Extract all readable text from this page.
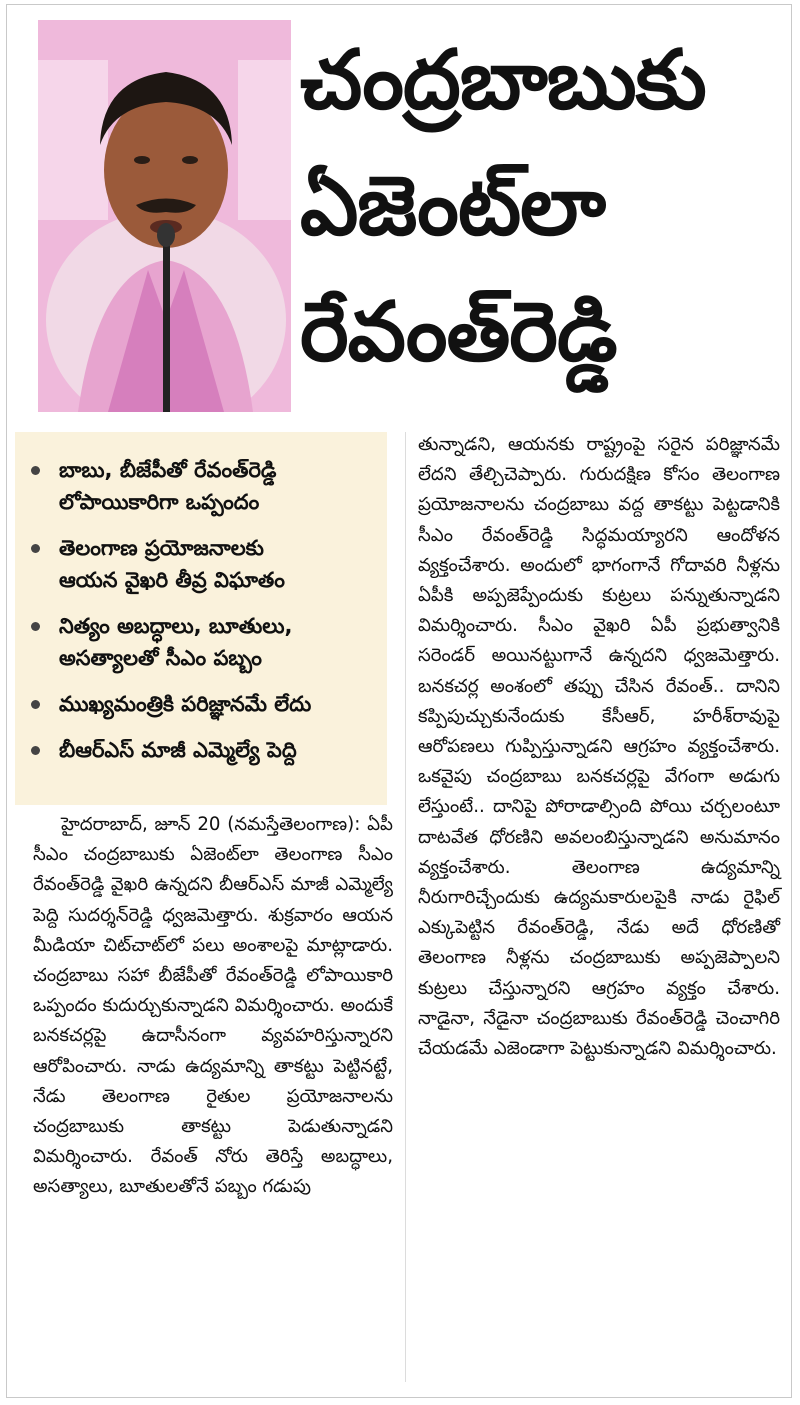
చంద్రబాబుకు
ఏజెంట్‌లా
రేవంత్‌రెడ్డి
బాబు, బీజేపీతో రేవంత్‌రెడ్డి
లోపాయికారిగా ఒప్పందం
తెలంగాణ ప్రయోజనాలకు
ఆయన వైఖరి తీవ్ర విఘాతం
నిత్యం అబద్ధాలు, బూతులు,
అసత్యాలతో సీఎం పబ్బం
ముఖ్యమంత్రికి పరిజ్ఞానమే లేదు
బీఆర్‌ఎస్ మాజీ ఎమ్మెల్యే పెద్ది

హైదరాబాద్, జూన్ 20 (నమస్తేతెలంగాణ): ఏపీ సీఎం చంద్రబాబుకు ఏజెంట్‌లా తెలంగాణ సీఎం రేవంత్‌రెడ్డి వైఖరి ఉన్నదని బీఆర్‌ఎస్ మాజీ ఎమ్మెల్యే పెద్ది సుదర్శన్‌రెడ్డి ధ్వజమెత్తారు. శుక్రవారం ఆయన మీడియా చిట్‌చాట్‌లో పలు అంశాలపై మాట్లాడారు. చంద్రబాబు సహా బీజేపీతో రేవంత్‌రెడ్డి లోపాయికారి ఒప్పందం కుదుర్చుకున్నాడని విమర్శించారు. అందుకే బనకచర్లపై ఉదాసీనంగా వ్యవహరిస్తున్నారని ఆరోపించారు. నాడు ఉద్యమాన్ని తాకట్టు పెట్టినట్టే, నేడు తెలంగాణ రైతుల ప్రయోజనాలను చంద్రబాబుకు తాకట్టు పెడుతున్నాడని విమర్శించారు. రేవంత్ నోరు తెరిస్తే అబద్ధాలు, అసత్యాలు, బూతులతోనే పబ్బం గడుపు

తున్నాడని, ఆయనకు రాష్ట్రంపై సరైన పరిజ్ఞానమే లేదని తేల్చిచెప్పారు. గురుదక్షిణ కోసం తెలంగాణ ప్రయోజనాలను చంద్రబాబు వద్ద తాకట్టు పెట్టడానికి సీఎం రేవంత్‌రెడ్డి సిద్ధమయ్యారని ఆందోళన వ్యక్తంచేశారు. అందులో భాగంగానే గోదావరి నీళ్లను ఏపీకి అప్పజెప్పేందుకు కుట్రలు పన్నుతున్నాడని విమర్శించారు. సీఎం వైఖరి ఏపీ ప్రభుత్వానికి సరెండర్ అయినట్టుగానే ఉన్నదని ధ్వజమెత్తారు. బనకచర్ల అంశంలో తప్పు చేసిన రేవంత్.. దానిని కప్పిపుచ్చుకునేందుకు కేసీఆర్, హరీశ్‌రావుపై ఆరోపణలు గుప్పిస్తున్నాడని ఆగ్రహం వ్యక్తంచేశారు. ఒకవైపు చంద్రబాబు బనకచర్లపై వేగంగా అడుగు లేస్తుంటే.. దానిపై పోరాడాల్సింది పోయి చర్చలంటూ దాటవేత ధోరణిని అవలంబిస్తున్నాడని అనుమానం వ్యక్తంచేశారు. తెలంగాణ ఉద్యమాన్ని నీరుగారిచ్చేందుకు ఉద్యమకారులపైకి నాడు రైఫిల్ ఎక్కుపెట్టిన రేవంత్‌రెడ్డి, నేడు అదే ధోరణితో తెలంగాణ నీళ్లను చంద్రబాబుకు అప్పజెప్పాలని కుట్రలు చేస్తున్నారని ఆగ్రహం వ్యక్తం చేశారు. నాడైనా, నేడైనా చంద్రబాబుకు రేవంత్‌రెడ్డి చెంచాగిరి చేయడమే ఎజెండాగా పెట్టుకున్నాడని విమర్శించారు.
